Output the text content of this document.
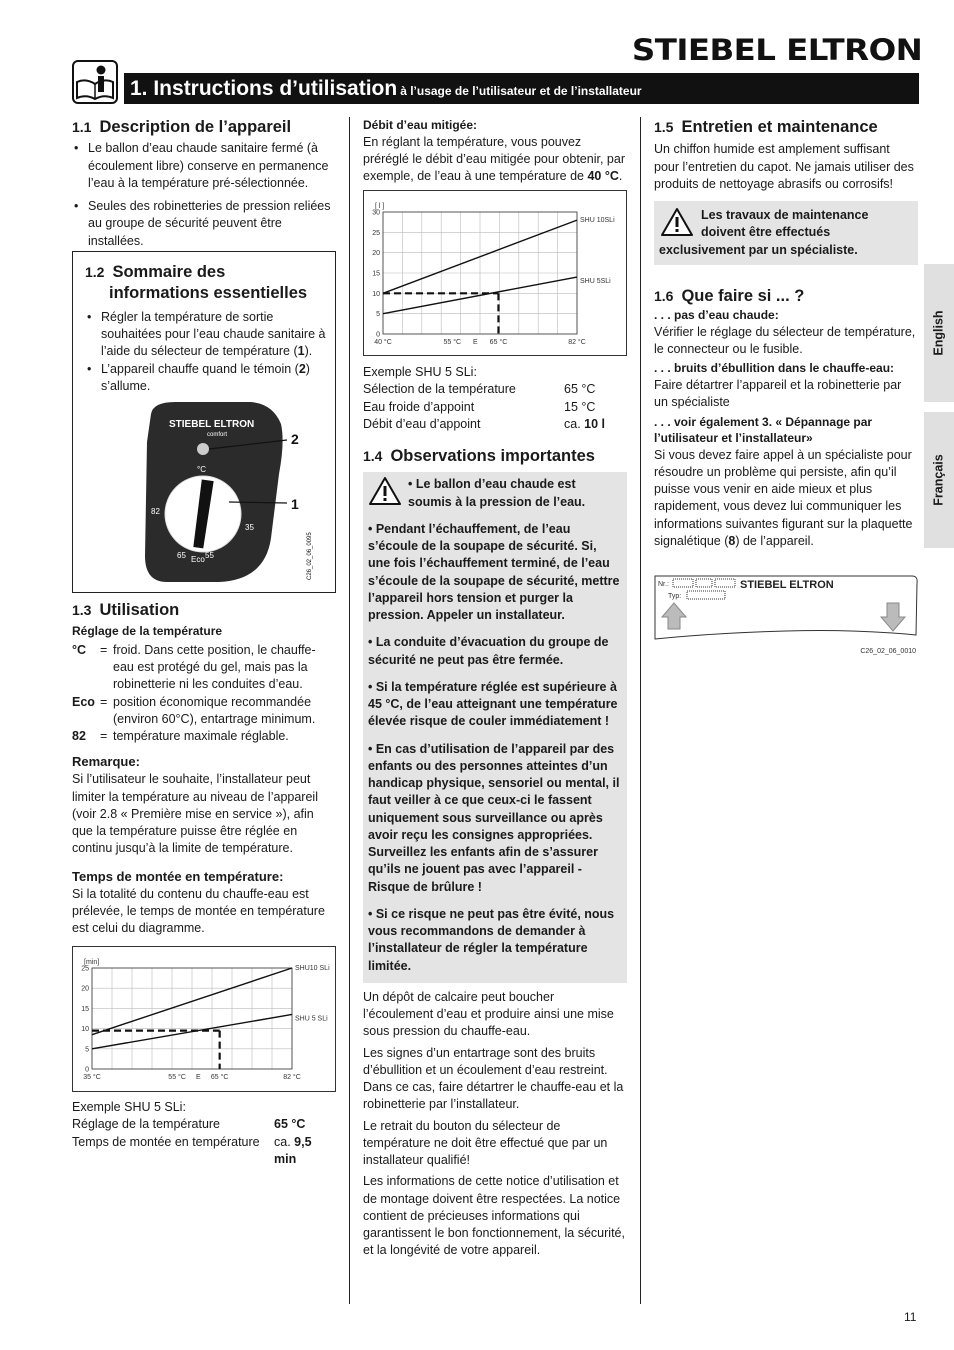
STIEBEL ELTRON
1. Instructions d’utilisation à l’usage de l’utilisateur et de l’installateur
1.1 Description de l’appareil
• Le ballon d’eau chaude sanitaire fermé (à écoulement libre) conserve en permanence l’eau à la température pré-sélectionnée.
• Seules des robinetteries de pression reliées au groupe de sécurité peuvent être installées.
1.2 Sommaire des informations essentielles
• Régler la température de sortie souhaitées pour l’eau chaude sanitaire à l’aide du sélecteur de température (1).
• L’appareil chauffe quand le témoin (2) s’allume.
STIEBEL ELTRON
comfort
°C
82
35
65 Eco 55
2
1
C26_02_06_0095
1.3 Utilisation
Réglage de la température
°C	= froid. Dans cette position, le chauffe-eau est protégé du gel, mais pas la robinetterie ni les conduites d’eau.
Eco = position économique recommandée (environ 60°C), entartrage minimum.
82	= température maximale réglable.
Remarque:

Si l’utilisateur le souhaite, l’installateur peut limiter la température au niveau de l’appareil (voir 2.8 « Première mise en service »), afin que la température puisse être réglée en continu jusqu’à la limite de température.

Temps de montée en température:

Si la totalité du contenu du chauffe-eau est prélevée, le temps de montée en température est celui du diagramme.

[min]
0
5
10
15
20
25
35 °C	55 °C E 65 °C	82 °C
SHU10 SLi
SHU 5 SLi
Exemple SHU 5 SLi:
Réglage de la température	65 °C
Temps de montée en température ca. 9,5 min
Débit d’eau mitigée:

En réglant la température, vous pouvez préréglé le débit d’eau mitigée pour obtenir, par exemple, de l’eau à une température de 40 °C.

[ l ]
0
5
10
15
20
25
30
40 °C	55 °C E 65 °C	82 °C
SHU 10SLi
SHU 5SLi
Exemple SHU 5 SLi:
Sélection de la température	65 °C
Eau froide d’appoint	15 °C
Débit d’eau d’appoint	ca. 10 l
1.4 Observations importantes
• Le ballon d’eau chaude est soumis à la pression de l’eau.

• Pendant l’échauffement, de l’eau s’écoule de la soupape de sécurité. Si, une fois l’échauffement terminé, de l’eau s’écoule de la soupape de sécurité, mettre l’appareil hors tension et purger la pression. Appeler un installateur.

• La conduite d’évacuation du groupe de sécurité ne peut pas être fermée.

• Si la température réglée est supérieure à 45 °C, de l’eau atteignant une température élevée risque de couler immédiatement !

• En cas d’utilisation de l’appareil par des enfants ou des personnes atteintes d’un handicap physique, sensoriel ou mental, il faut veiller à ce que ceux-ci le fassent uniquement sous surveillance ou après avoir reçu les consignes appropriées. Surveillez les enfants afin de s’assurer qu’ils ne jouent pas avec l’appareil - Risque de brûlure !

• Si ce risque ne peut pas être évité, nous vous recommandons de demander à l’installateur de régler la température limitée.

Un dépôt de calcaire peut boucher l’écoulement d’eau et produire ainsi une mise sous pression du chauffe-eau.

Les signes d’un entartrage sont des bruits d’ébullition et un écoulement d’eau restreint. Dans ce cas, faire détartrer le chauffe-eau et la robinetterie par l’installateur.

Le retrait du bouton du sélecteur de température ne doit être effectué que par un installateur qualifié!

Les informations de cette notice d’utilisation et de montage doivent être respectées. La notice contient de précieuses informations qui garantissent le bon fonctionnement, la sécurité, et la longévité de votre appareil.

1.5 Entretien et maintenance

Un chiffon humide est amplement suffisant pour l’entretien du capot. Ne jamais utiliser des produits de nettoyage abrasifs ou corrosifs!

Les travaux de maintenance doivent être effectués exclusivement par un spécialiste.
1.6 Que faire si ... ?
. . . pas d’eau chaude:

Vérifier le réglage du sélecteur de température, le connecteur ou le fusible.

. . . bruits d’ébullition dans le chauffe-eau:

Faire détartrer l’appareil et la robinetterie par un spécialiste

. . . voir également 3. « Dépannage par l’utilisateur et l’installateur»

Si vous devez faire appel à un spécialiste pour résoudre un problème qui persiste, afin qu’il puisse vous venir en aide mieux et plus rapidement, vous devez lui communiquer les informations suivantes figurant sur la plaquette signalétique (8) de l’appareil.

Nr.:
Typ:
STIEBEL ELTRON
C26_02_06_0010
English
Français
11
